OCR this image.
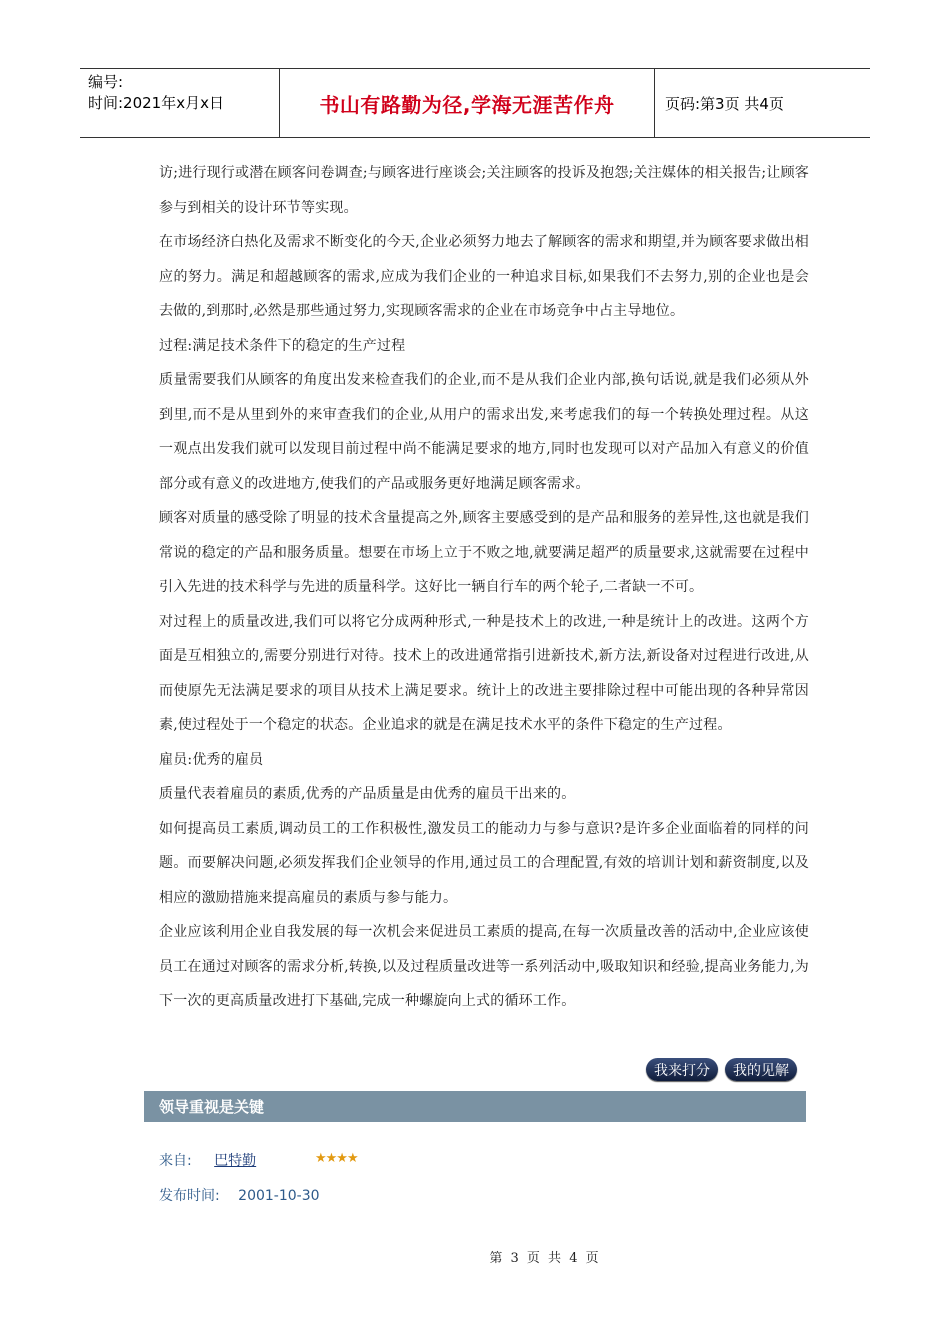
编号:
时间:2021年x月x日	书山有路勤为径,学海无涯苦作舟	页码:第3页 共4页

访;进行现行或潜在顾客问卷调查;与顾客进行座谈会;关注顾客的投诉及抱怨;关注媒体的相关报告;让顾客参与到相关的设计环节等实现。

在市场经济白热化及需求不断变化的今天,企业必须努力地去了解顾客的需求和期望,并为顾客要求做出相应的努力。满足和超越顾客的需求,应成为我们企业的一种追求目标,如果我们不去努力,别的企业也是会去做的,到那时,必然是那些通过努力,实现顾客需求的企业在市场竞争中占主导地位。

过程:满足技术条件下的稳定的生产过程

质量需要我们从顾客的角度出发来检查我们的企业,而不是从我们企业内部,换句话说,就是我们必须从外到里,而不是从里到外的来审查我们的企业,从用户的需求出发,来考虑我们的每一个转换处理过程。从这一观点出发我们就可以发现目前过程中尚不能满足要求的地方,同时也发现可以对产品加入有意义的价值部分或有意义的改进地方,使我们的产品或服务更好地满足顾客需求。

顾客对质量的感受除了明显的技术含量提高之外,顾客主要感受到的是产品和服务的差异性,这也就是我们常说的稳定的产品和服务质量。想要在市场上立于不败之地,就要满足超严的质量要求,这就需要在过程中引入先进的技术科学与先进的质量科学。这好比一辆自行车的两个轮子,二者缺一不可。

对过程上的质量改进,我们可以将它分成两种形式,一种是技术上的改进,一种是统计上的改进。这两个方面是互相独立的,需要分别进行对待。技术上的改进通常指引进新技术,新方法,新设备对过程进行改进,从而使原先无法满足要求的项目从技术上满足要求。统计上的改进主要排除过程中可能出现的各种异常因素,使过程处于一个稳定的状态。企业追求的就是在满足技术水平的条件下稳定的生产过程。

雇员:优秀的雇员

质量代表着雇员的素质,优秀的产品质量是由优秀的雇员干出来的。

如何提高员工素质,调动员工的工作积极性,激发员工的能动力与参与意识?是许多企业面临着的同样的问题。而要解决问题,必须发挥我们企业领导的作用,通过员工的合理配置,有效的培训计划和薪资制度,以及相应的激励措施来提高雇员的素质与参与能力。

企业应该利用企业自我发展的每一次机会来促进员工素质的提高,在每一次质量改善的活动中,企业应该使员工在通过对顾客的需求分析,转换,以及过程质量改进等一系列活动中,吸取知识和经验,提高业务能力,为下一次的更高质量改进打下基础,完成一种螺旋向上式的循环工作。

我来打分	我的见解
领导重视是关键
来自: 巴特勤	★★★★
发布时间: 2001-10-30
第 3 页 共 4 页
